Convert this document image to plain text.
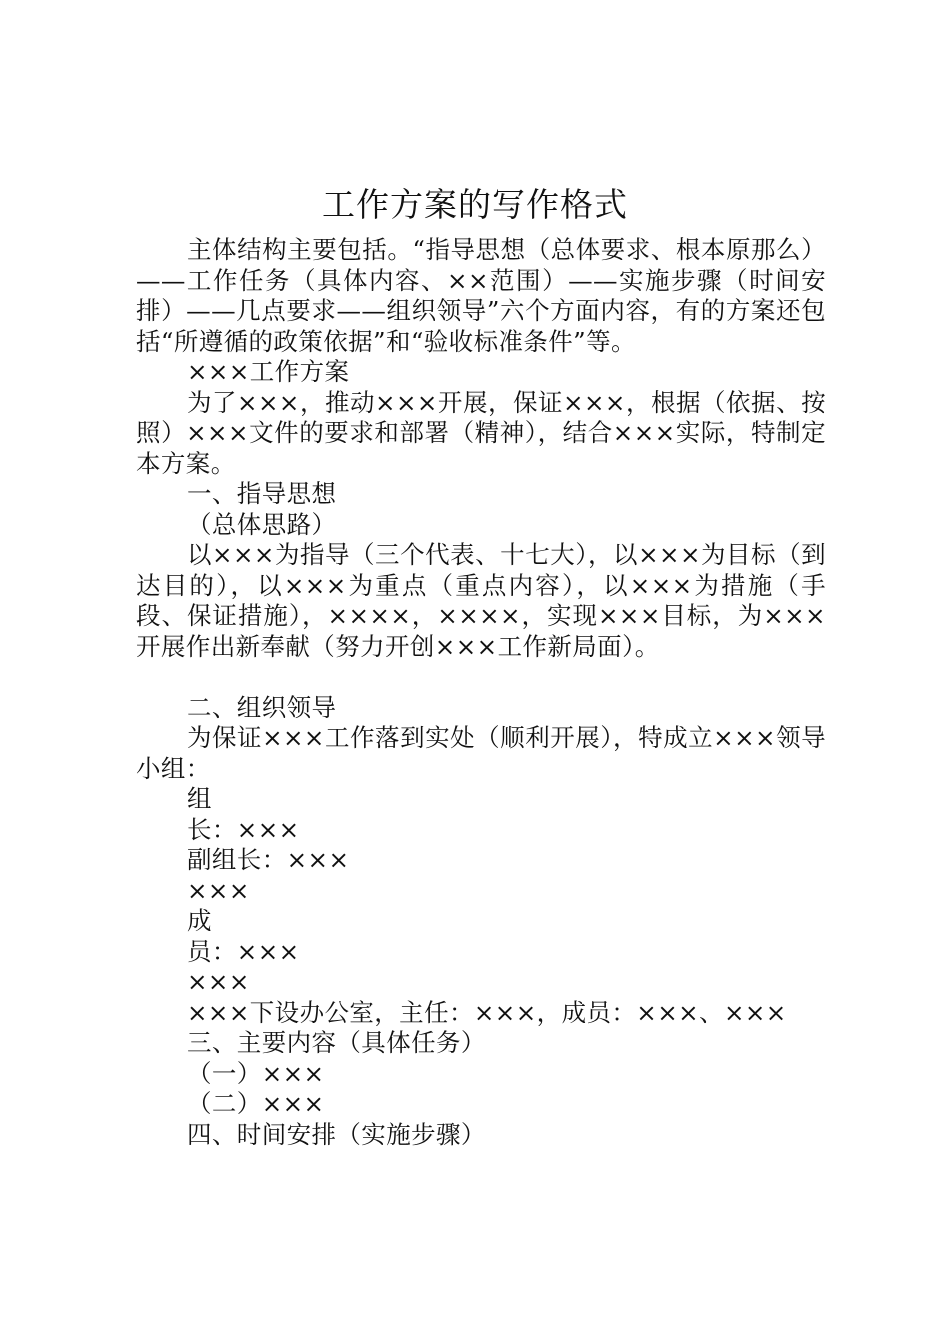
工作方案的写作格式

主体结构主要包括。“指导思想（总体要求、根本原那么）——工作任务（具体内容、××范围）——实施步骤（时间安排）——几点要求——组织领导”六个方面内容，有的方案还包括“所遵循的政策依据”和“验收标准条件”等。

×××工作方案

为了×××，推动×××开展，保证×××，根据（依据、按照）×××文件的要求和部署（精神），结合×××实际，特制定本方案。

一、指导思想

（总体思路）

以×××为指导（三个代表、十七大），以×××为目标（到达目的），以×××为重点（重点内容），以×××为措施（手段、保证措施），××××，××××，实现×××目标，为×××开展作出新奉献（努力开创×××工作新局面）。

二、组织领导

为保证×××工作落到实处（顺利开展），特成立×××领导小组：

组

长：×××

副组长：×××

×××

成

员：×××

×××

×××下设办公室，主任：×××，成员：×××、×××

三、主要内容（具体任务）

（一）×××

（二）×××

四、时间安排（实施步骤）
